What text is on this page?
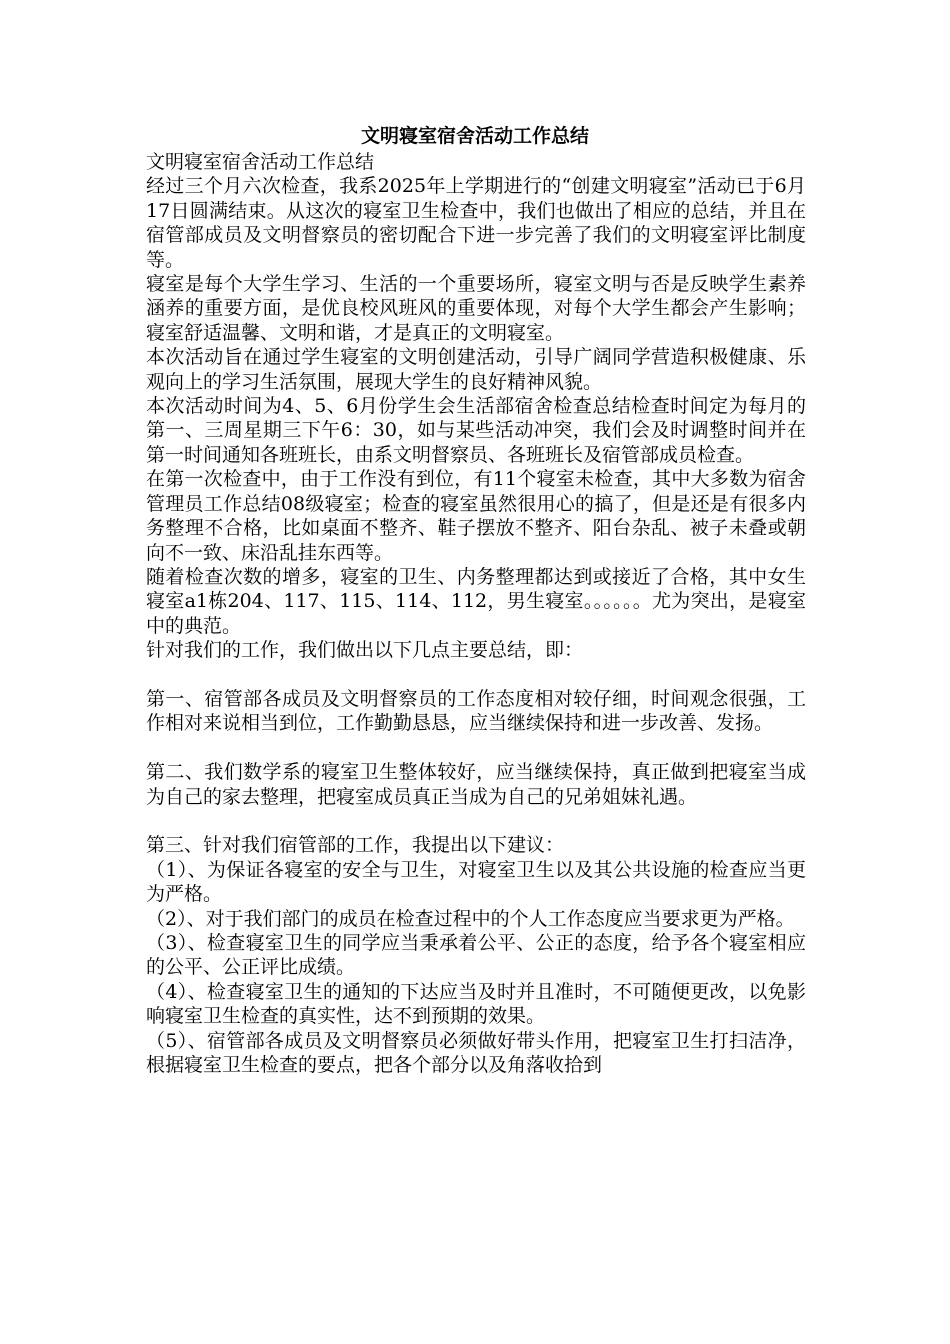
文明寝室宿舍活动工作总结

文明寝室宿舍活动工作总结

经过三个月六次检查，我系2025年上学期进行的“创建文明寝室”活动已于6月17日圆满结束。从这次的寝室卫生检查中，我们也做出了相应的总结，并且在宿管部成员及文明督察员的密切配合下进一步完善了我们的文明寝室评比制度等。

寝室是每个大学生学习、生活的一个重要场所，寝室文明与否是反映学生素养涵养的重要方面，是优良校风班风的重要体现，对每个大学生都会产生影响；寝室舒适温馨、文明和谐，才是真正的文明寝室。

本次活动旨在通过学生寝室的文明创建活动，引导广阔同学营造积极健康、乐观向上的学习生活氛围，展现大学生的良好精神风貌。

本次活动时间为4、5、6月份学生会生活部宿舍检查总结检查时间定为每月的第一、三周星期三下午6：30，如与某些活动冲突，我们会及时调整时间并在第一时间通知各班班长，由系文明督察员、各班班长及宿管部成员检查。

在第一次检查中，由于工作没有到位，有11个寝室未检查，其中大多数为宿舍管理员工作总结08级寝室；检查的寝室虽然很用心的搞了，但是还是有很多内务整理不合格，比如桌面不整齐、鞋子摆放不整齐、阳台杂乱、被子未叠或朝向不一致、床沿乱挂东西等。

随着检查次数的增多，寝室的卫生、内务整理都达到或接近了合格，其中女生寝室a1栋204、117、115、114、112，男生寝室。。。。。。尤为突出，是寝室中的典范。

针对我们的工作，我们做出以下几点主要总结，即：

第一、宿管部各成员及文明督察员的工作态度相对较仔细，时间观念很强，工作相对来说相当到位，工作勤勤恳恳，应当继续保持和进一步改善、发扬。

第二、我们数学系的寝室卫生整体较好，应当继续保持，真正做到把寝室当成为自己的家去整理，把寝室成员真正当成为自己的兄弟姐妹礼遇。

第三、针对我们宿管部的工作，我提出以下建议：

（1）、为保证各寝室的安全与卫生，对寝室卫生以及其公共设施的检查应当更为严格。

（2）、对于我们部门的成员在检查过程中的个人工作态度应当要求更为严格。

（3）、检查寝室卫生的同学应当秉承着公平、公正的态度，给予各个寝室相应的公平、公正评比成绩。

（4）、检查寝室卫生的通知的下达应当及时并且准时，不可随便更改，以免影响寝室卫生检查的真实性，达不到预期的效果。

（5）、宿管部各成员及文明督察员必须做好带头作用，把寝室卫生打扫洁净，根据寝室卫生检查的要点，把各个部分以及角落收拾到
